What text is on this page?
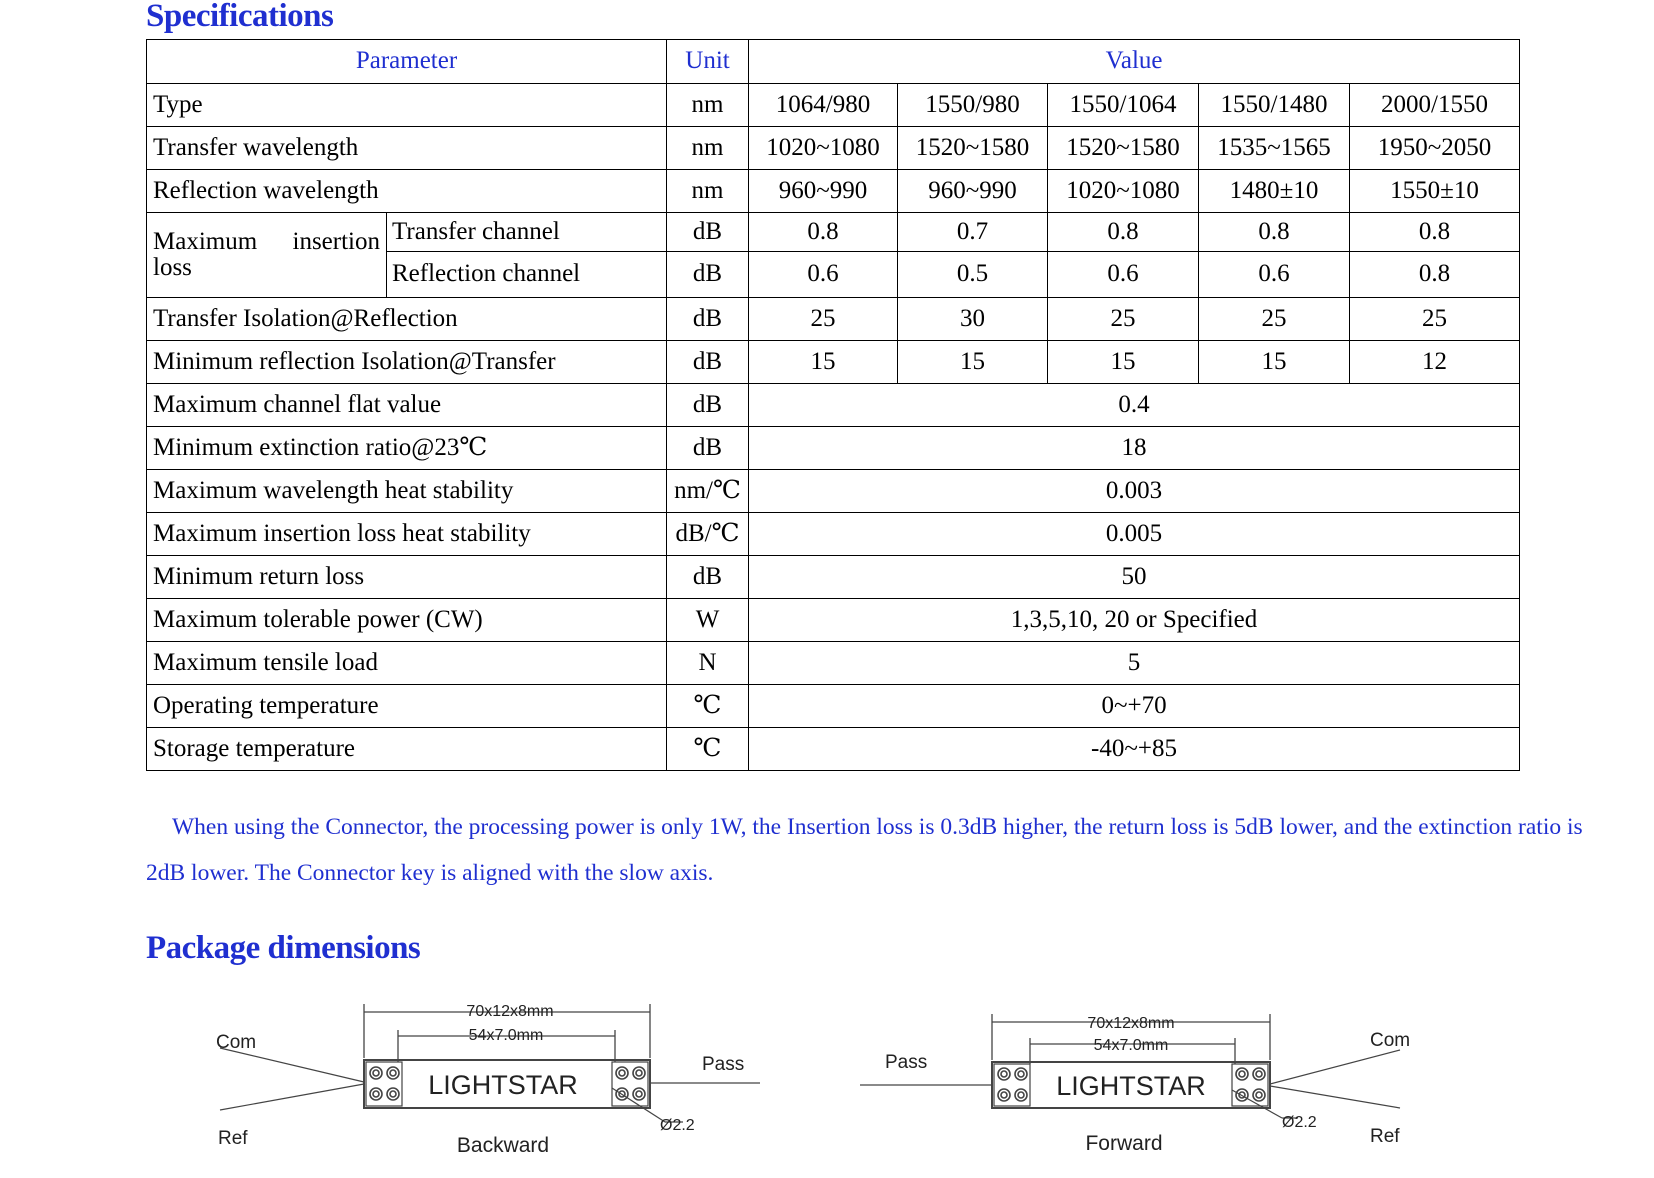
Specifications
Parameter		Unit	Value				
Type		nm	1064/980	1550/980	1550/1064	1550/1480	2000/1550
Transfer wavelength		nm	1020~1080	1520~1580	1520~1580	1535~1565	1950~2050
Reflection wavelength		nm	960~990	960~990	1020~1080	1480±10	1550±10

Maximum insertion
loss	Transfer channel	dB	0.8	0.7	0.8	0.8	0.8
	Reflection channel	dB	0.6	0.5	0.6	0.6	0.8
Transfer Isolation@Reflection		dB	25	30	25	25	25
Minimum reflection Isolation@Transfer		dB	15	15	15	15	12
Maximum channel flat value		dB	0.4				
Minimum extinction ratio@23℃		dB	18				
Maximum wavelength heat stability		nm/℃	0.003				
Maximum insertion loss heat stability		dB/℃	0.005				
Minimum return loss		dB	50				
Maximum tolerable power (CW)		W	1,3,5,10, 20 or Specified				
Maximum tensile load		N	5				
Operating temperature		℃	0~+70				
Storage temperature		℃	-40~+85				

When using the Connector, the processing power is only 1W, the Insertion loss is 0.3dB higher, the return loss is 5dB lower, and the extinction ratio is 2dB lower. The Connector key is aligned with the slow axis.

Package dimensions
70x12x8mm
54x7.0mm
LIGHTSTAR
Com
Ref
Pass
Ø2.2
Backward
70x12x8mm
54x7.0mm
LIGHTSTAR
Com
Ref
Pass
Ø2.2
Forward
